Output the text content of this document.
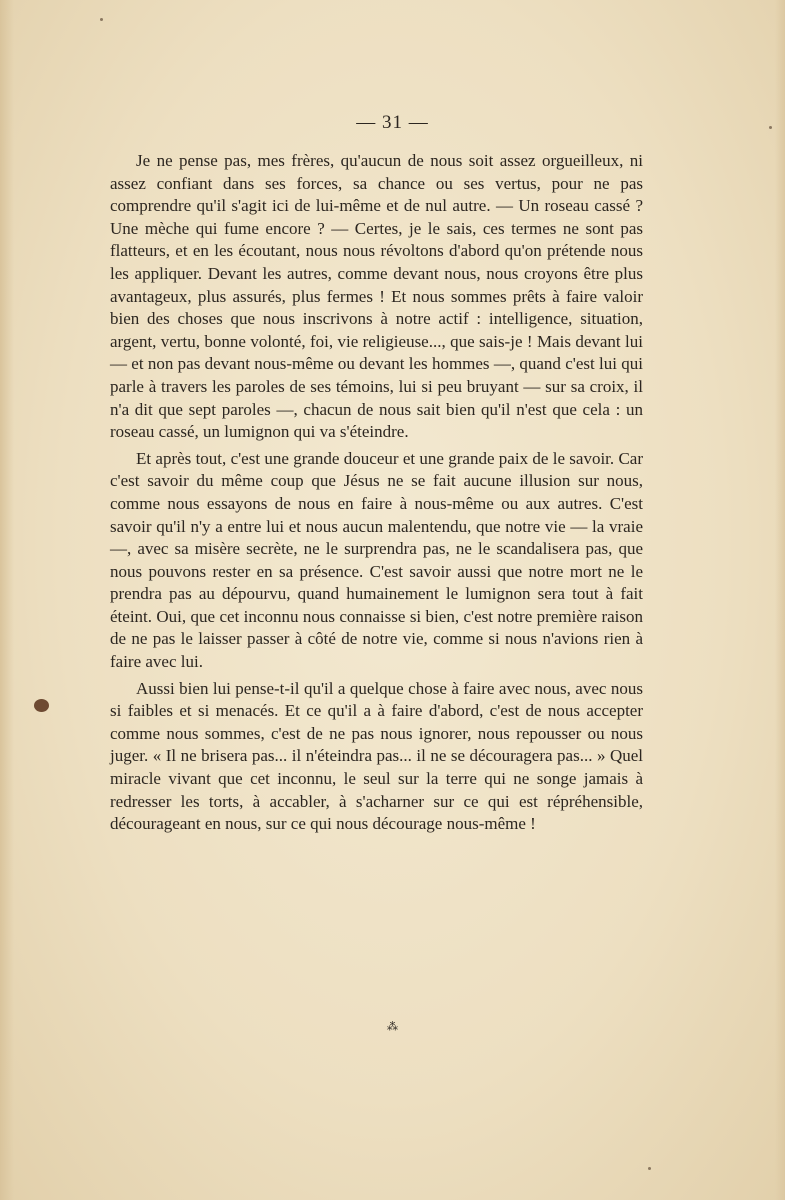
— 31 —

Je ne pense pas, mes frères, qu'aucun de nous soit assez orgueilleux, ni assez confiant dans ses forces, sa chance ou ses vertus, pour ne pas comprendre qu'il s'agit ici de lui-même et de nul autre. — Un roseau cassé ? Une mèche qui fume encore ? — Certes, je le sais, ces termes ne sont pas flatteurs, et en les écoutant, nous nous révoltons d'abord qu'on prétende nous les appliquer. Devant les autres, comme devant nous, nous croyons être plus avantageux, plus assurés, plus fermes ! Et nous sommes prêts à faire valoir bien des choses que nous inscrivons à notre actif : intelligence, situation, argent, vertu, bonne volonté, foi, vie religieuse..., que sais-je ! Mais devant lui — et non pas devant nous-même ou devant les hommes —, quand c'est lui qui parle à travers les paroles de ses témoins, lui si peu bruyant — sur sa croix, il n'a dit que sept paroles —, chacun de nous sait bien qu'il n'est que cela : un roseau cassé, un lumignon qui va s'éteindre.

Et après tout, c'est une grande douceur et une grande paix de le savoir. Car c'est savoir du même coup que Jésus ne se fait aucune illusion sur nous, comme nous essayons de nous en faire à nous-même ou aux autres. C'est savoir qu'il n'y a entre lui et nous aucun malentendu, que notre vie — la vraie —, avec sa misère secrète, ne le surprendra pas, ne le scandalisera pas, que nous pouvons rester en sa présence. C'est savoir aussi que notre mort ne le prendra pas au dépourvu, quand humainement le lumignon sera tout à fait éteint. Oui, que cet inconnu nous connaisse si bien, c'est notre première raison de ne pas le laisser passer à côté de notre vie, comme si nous n'avions rien à faire avec lui.

Aussi bien lui pense-t-il qu'il a quelque chose à faire avec nous, avec nous si faibles et si menacés. Et ce qu'il a à faire d'abord, c'est de nous accepter comme nous sommes, c'est de ne pas nous ignorer, nous repousser ou nous juger. « Il ne brisera pas... il n'éteindra pas... il ne se découragera pas... » Quel miracle vivant que cet inconnu, le seul sur la terre qui ne songe jamais à redresser les torts, à accabler, à s'acharner sur ce qui est répréhensible, décourageant en nous, sur ce qui nous décourage nous-même !

⁂
